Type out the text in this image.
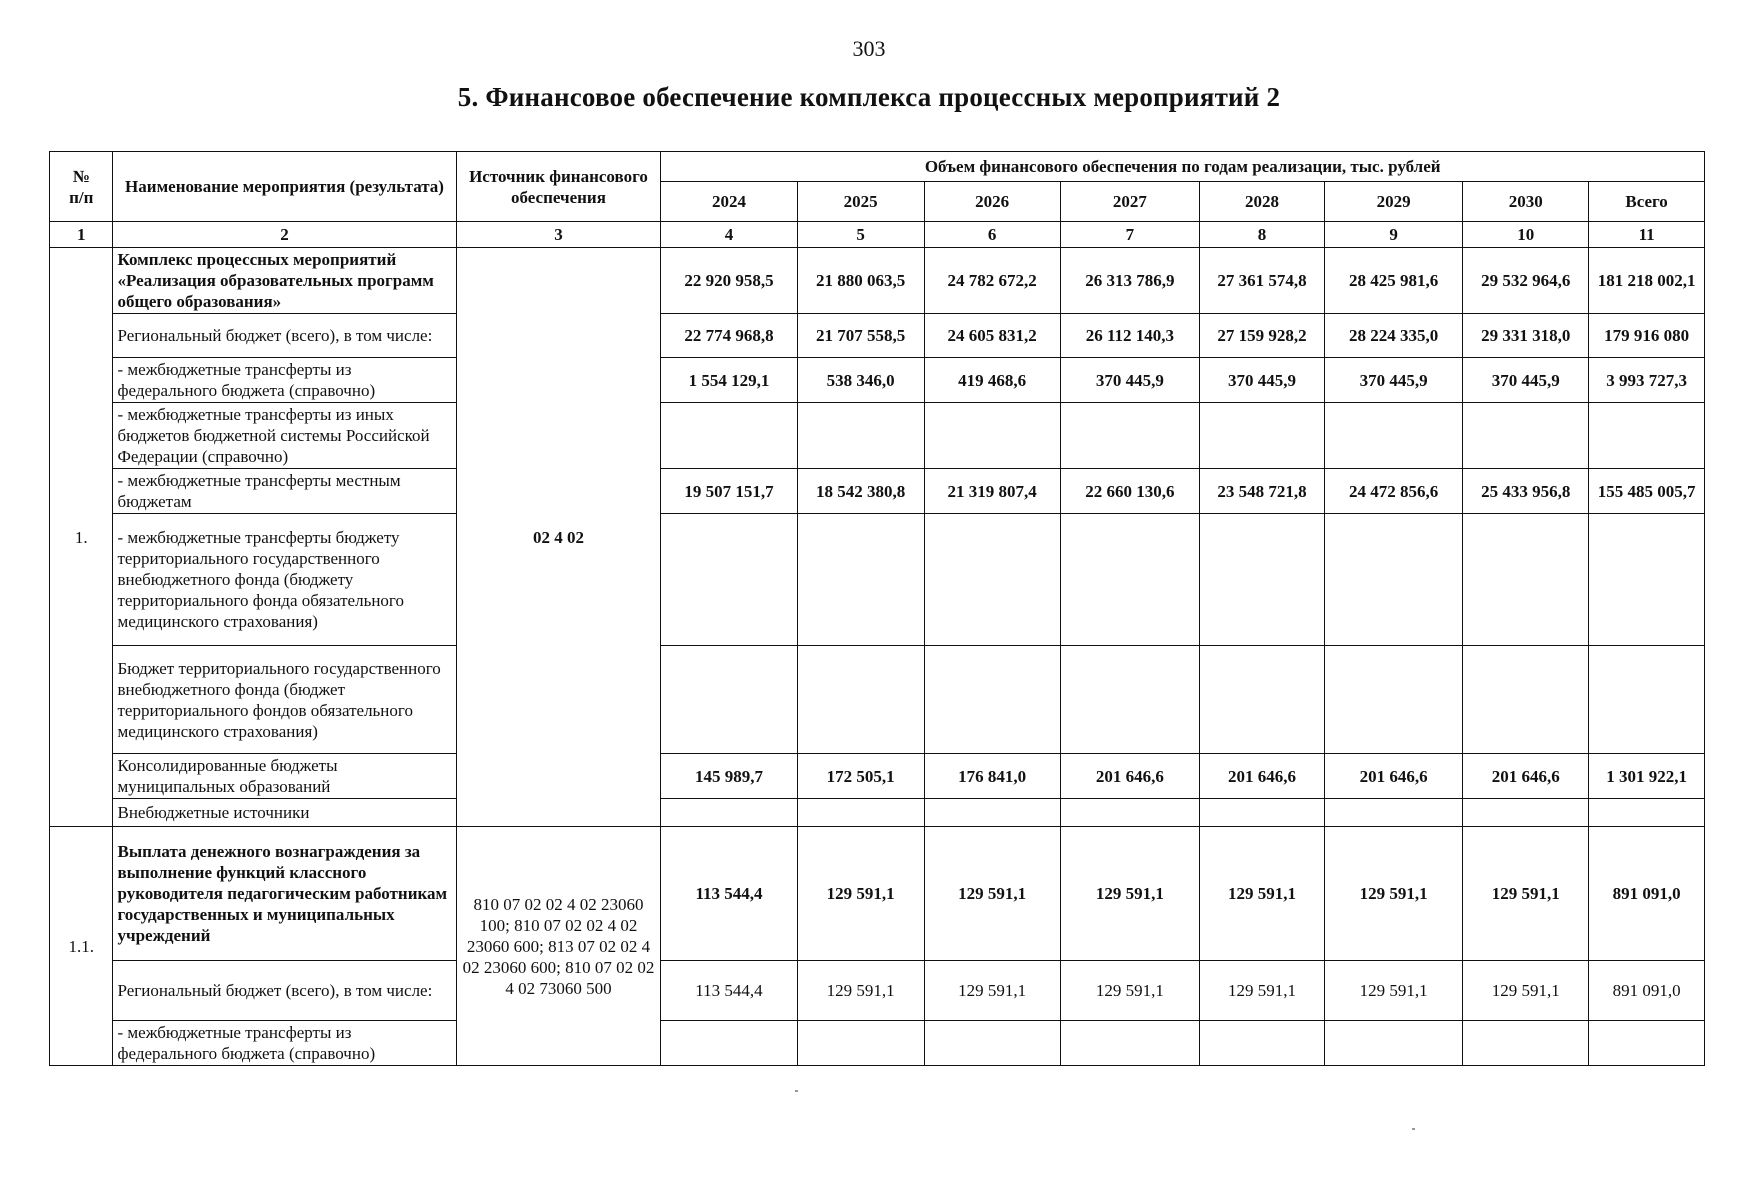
303
5. Финансовое обеспечение комплекса процессных мероприятий 2
№
п/п	Наименование мероприятия (результата)	Источник финансового обеспечения	Объем финансового обеспечения по годам реализации, тыс. рублей							
			2024	2025	2026	2027	2028	2029	2030	Всего
1	2	3	4	5	6	7	8	9	10	11
1.	Комплекс процессных мероприятий «Реализация образовательных программ общего образования»	02 4 02	22 920 958,5	21 880 063,5	24 782 672,2	26 313 786,9	27 361 574,8	28 425 981,6	29 532 964,6	181 218 002,1
	Региональный бюджет (всего), в том числе:		22 774 968,8	21 707 558,5	24 605 831,2	26 112 140,3	27 159 928,2	28 224 335,0	29 331 318,0	179 916 080
	- межбюджетные трансферты из федерального бюджета (справочно)		1 554 129,1	538 346,0	419 468,6	370 445,9	370 445,9	370 445,9	370 445,9	3 993 727,3
	- межбюджетные трансферты из иных бюджетов бюджетной системы Российской Федерации (справочно)									
	- межбюджетные трансферты местным бюджетам		19 507 151,7	18 542 380,8	21 319 807,4	22 660 130,6	23 548 721,8	24 472 856,6	25 433 956,8	155 485 005,7
	- межбюджетные трансферты бюджету территориального государственного внебюджетного фонда (бюджету территориального фонда обязательного медицинского страхования)									
	Бюджет территориального государственного внебюджетного фонда (бюджет территориального фондов обязательного медицинского страхования)									
	Консолидированные бюджеты муниципальных образований		145 989,7	172 505,1	176 841,0	201 646,6	201 646,6	201 646,6	201 646,6	1 301 922,1
	Внебюджетные источники									
1.1.	Выплата денежного вознаграждения за выполнение функций классного руководителя педагогическим работникам государственных и муниципальных учреждений	810 07 02 02 4 02 23060 100; 810 07 02 02 4 02 23060 600; 813 07 02 02 4 02 23060 600; 810 07 02 02 4 02 73060 500	113 544,4	129 591,1	129 591,1	129 591,1	129 591,1	129 591,1	129 591,1	891 091,0
	Региональный бюджет (всего), в том числе:		113 544,4	129 591,1	129 591,1	129 591,1	129 591,1	129 591,1	129 591,1	891 091,0
	- межбюджетные трансферты из федерального бюджета (справочно)									
